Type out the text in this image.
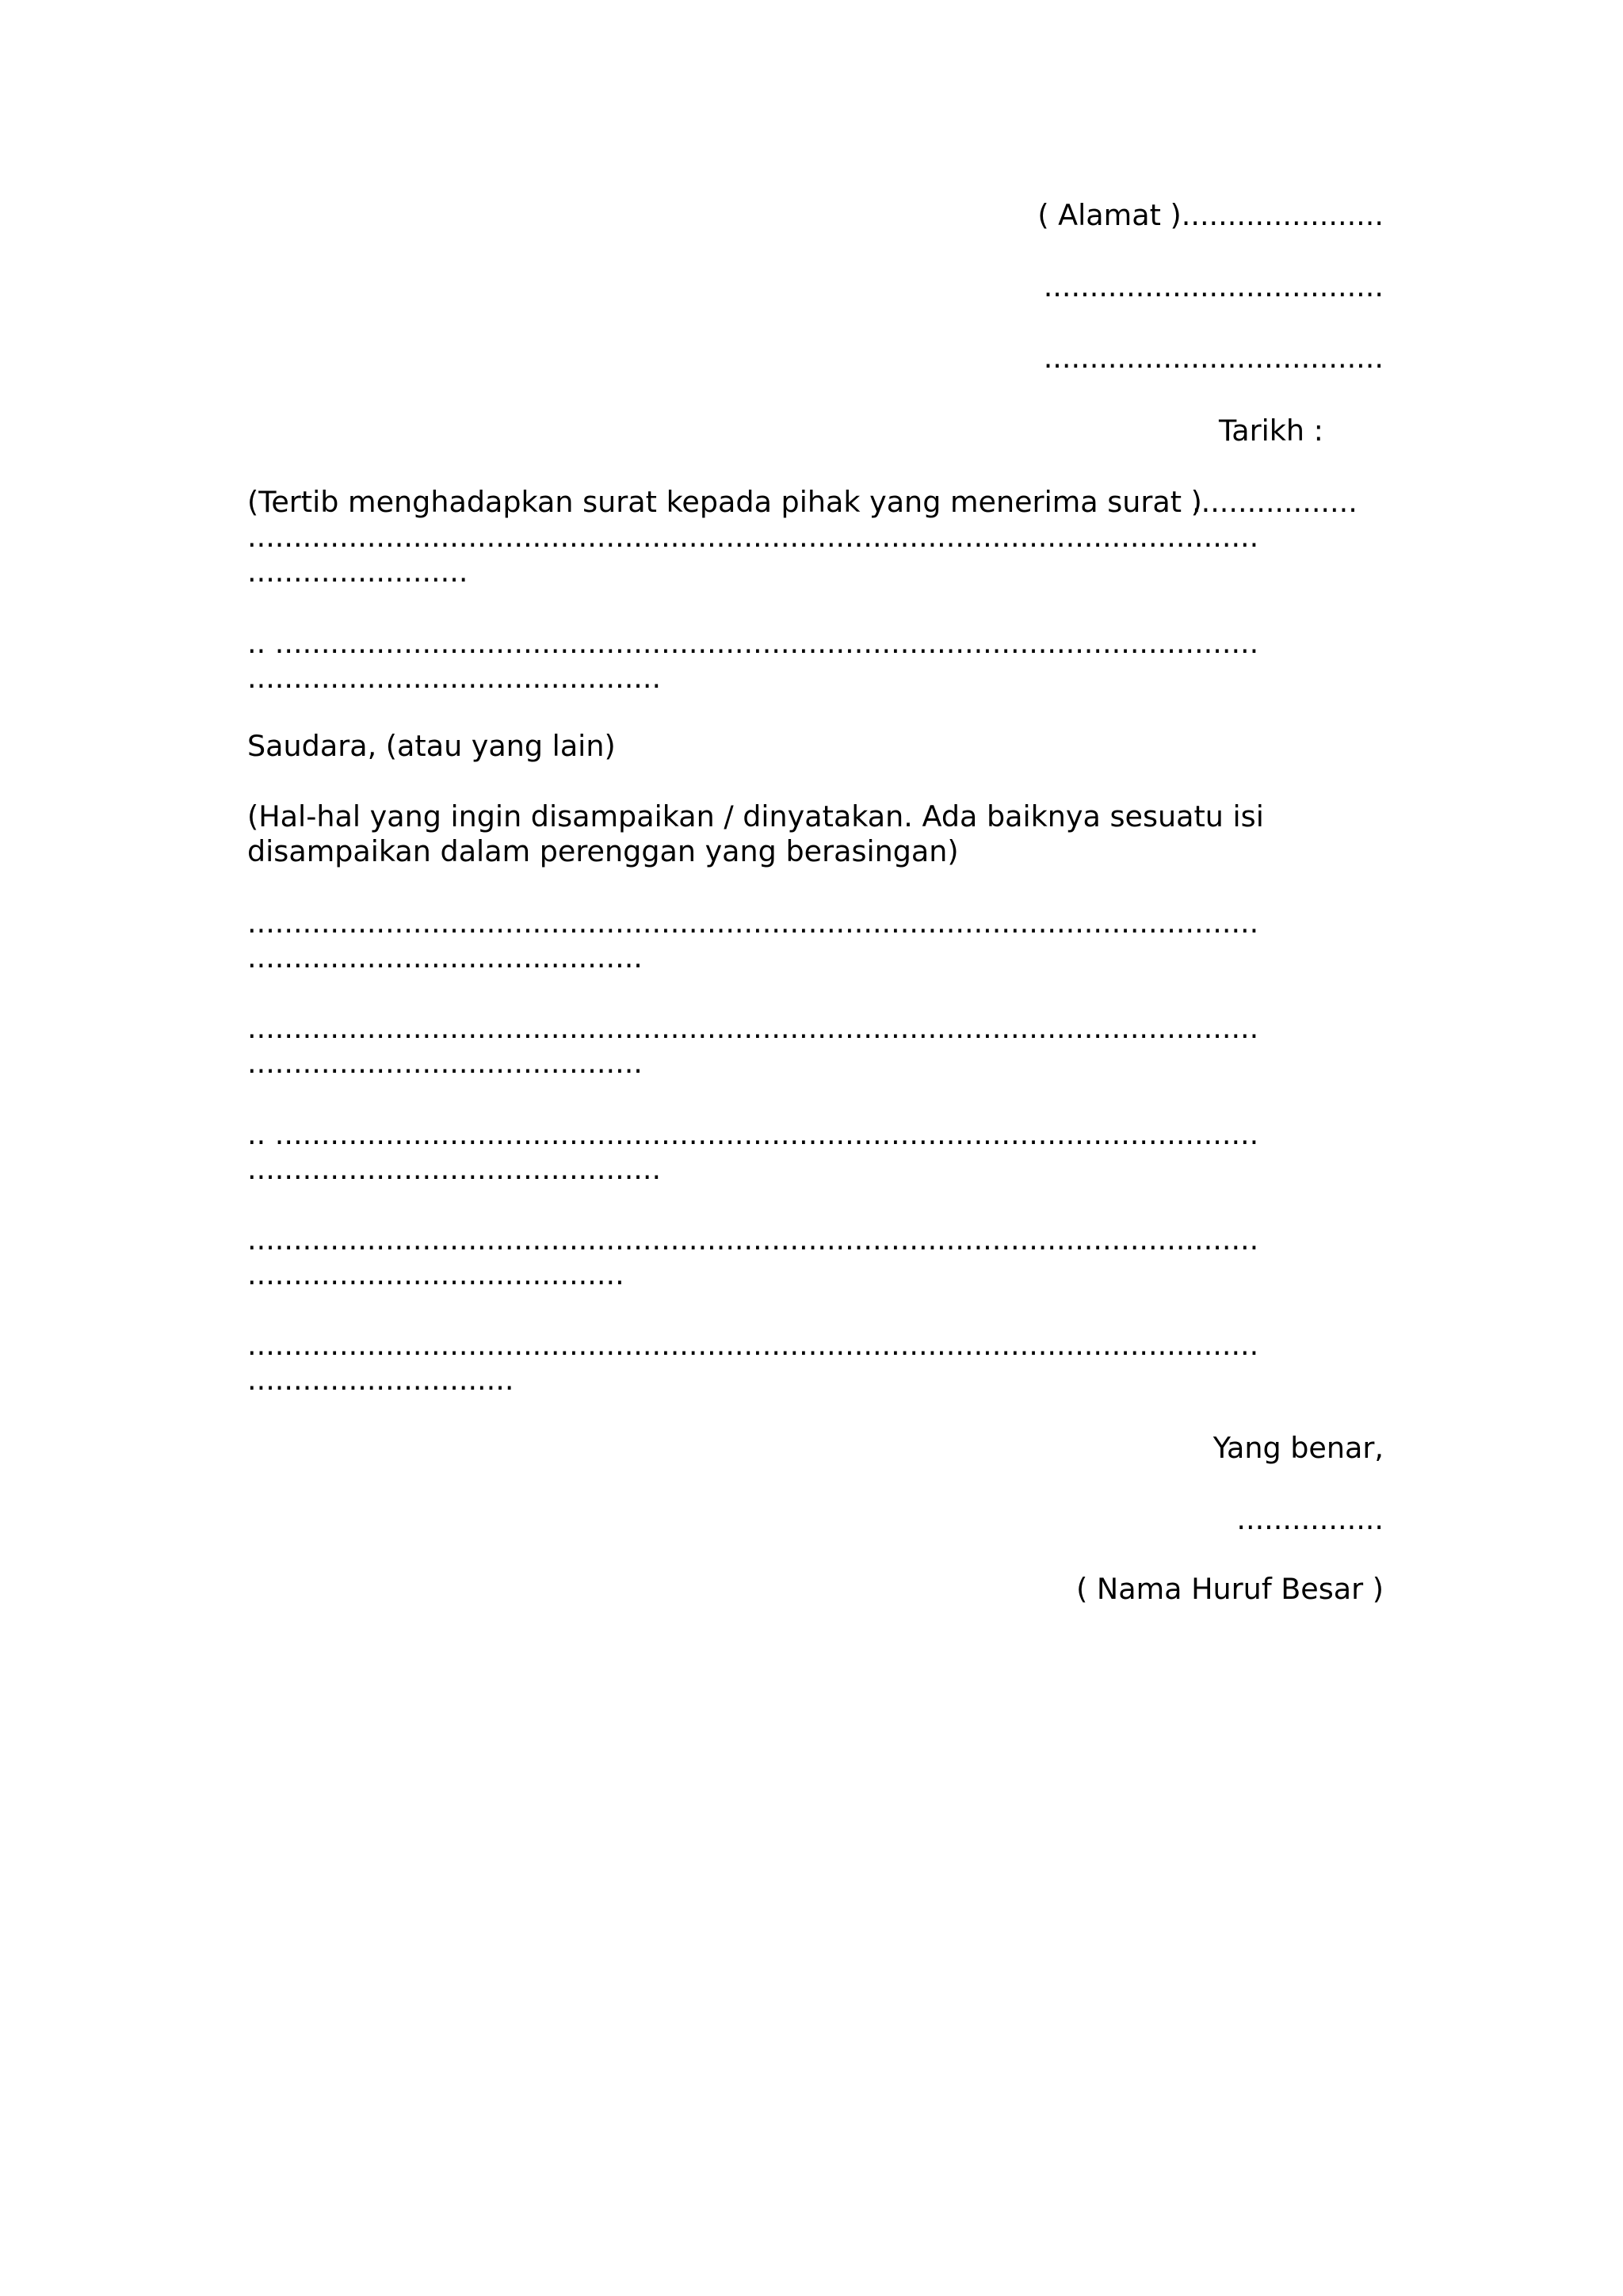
( Alamat )......................

.....................................

.....................................

Tarikh :

(Tertib menghadapkan surat kepada pihak yang menerima surat )

..................

..............................................................................................................

........................

.. ...........................................................................................................

.............................................

Saudara, (atau yang lain)

(Hal-hal yang ingin disampaikan / dinyatakan. Ada baiknya sesuatu isi

disampaikan dalam perenggan yang berasingan)

..............................................................................................................

...........................................

..............................................................................................................

...........................................

.. ...........................................................................................................

.............................................

..............................................................................................................

.........................................

..............................................................................................................

.............................

Yang benar,

................

( Nama Huruf Besar )
